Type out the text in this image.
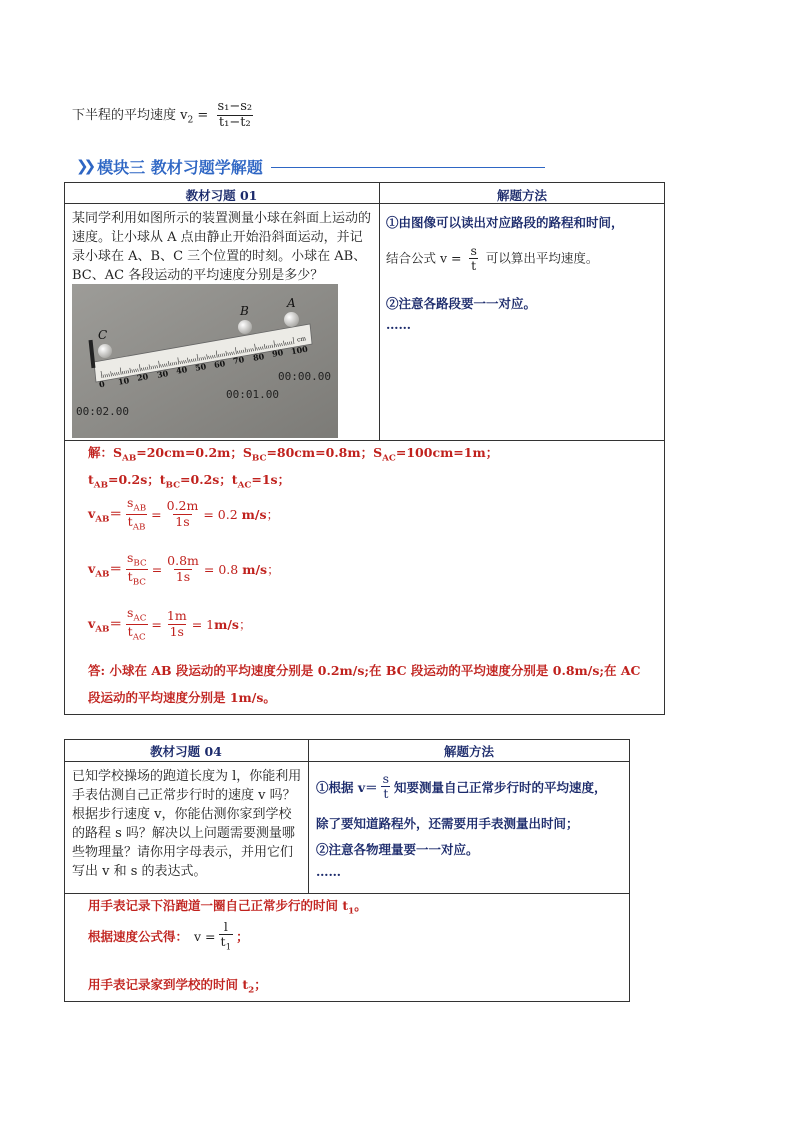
下半程的平均速度 $v_2 = \frac{\text{s₁−s₂}}{\text{t₁−t₂}}$
❯❯ 模块三 教材习题学解题
教材习题 01	解题方法
某同学利用如图所示的装置测量小球在斜面上运动的速度。让小球从 A 点由静止开始沿斜面运动，并记录小球在 A、B、C 三个位置的时刻。小球在 AB、BC、AC 各段运动的平均速度分别是多少？
C
B
A
0 10 20 30 40 50 60 70 80 90 100
cm
00:00.00
00:01.00
00:02.00
①由图像可以读出对应路段的路程和时间，
结合公式 $v = \frac{s}{t}$ 可以算出平均速度。
②注意各路段要一一对应。
……
解：$S_{AB}=20cm=0.2m$；$S_{BC}=80cm=0.8m$；$S_{AC}=100cm=1m$；
$t_{AB}=0.2s$；$t_{BC}=0.2s$；$t_{AC}=1s$；
$v_{AB}= \frac{s_{AB}}{t_{AB}} = \frac{0.2m}{1s} = 0.2$ m/s；
$v_{AB}= \frac{s_{BC}}{t_{BC}} = \frac{0.8m}{1s} = 0.8$ m/s；
$v_{AB}= \frac{s_{AC}}{t_{AC}} = \frac{1m}{1s} = 1m/s$；
答: 小球在 AB 段运动的平均速度分别是 0.2m/s;在 BC 段运动的平均速度分别是 0.8m/s;在 AC
段运动的平均速度分别是 1m/s。
教材习题 04	解题方法
已知学校操场的跑道长度为 l，你能利用手表估测自己正常步行时的速度 v 吗？根据步行速度 v，你能估测你家到学校的路程 s 吗？解决以上问题需要测量哪些物理量？请你用字母表示，并用它们写出 v 和 s 的表达式。
①根据 $v= \frac{s}{t}$ 知要测量自己正常步行时的平均速度，
除了要知道路程外，还需要用手表测量出时间；
②注意各物理量要一一对应。
……
用手表记录下沿跑道一圈自己正常步行的时间 $t_1$。
根据速度公式得： $v = \frac{l}{t_1}$ ；
用手表记录家到学校的时间 $t_2$；
